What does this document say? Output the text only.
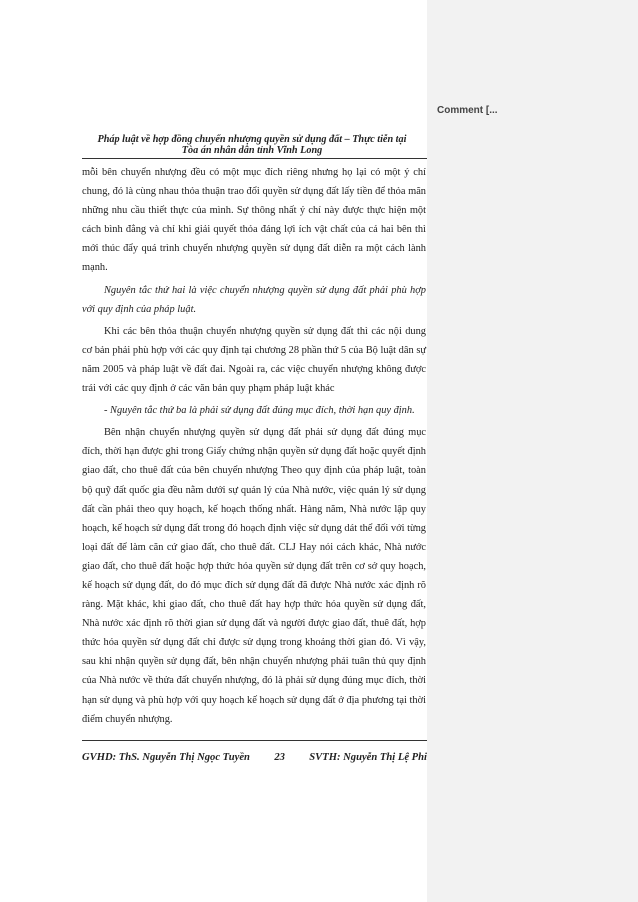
Comment [...
Pháp luật về hợp đồng chuyển nhượng quyền sử dụng đất – Thực tiễn tại
Tòa án nhân dân tỉnh Vĩnh Long

mỗi bên chuyển nhượng đều có một mục đích riêng nhưng họ lại có một ý chí chung, đó là cùng nhau thỏa thuận trao đổi quyền sử dụng đất lấy tiền để thỏa mãn những nhu cầu thiết thực của mình. Sự thông nhất ý chí này được thực hiện một cách bình đẳng và chỉ khi giải quyết thỏa đáng lợi ích vật chất của cả hai bên thì mới thúc đẩy quá trình chuyển nhượng quyền sử dụng đất diễn ra một cách lành mạnh.

Nguyên tắc thứ hai là việc chuyển nhượng quyền sử dụng đất phải phù hợp với quy định của pháp luật.

Khi các bên thỏa thuận chuyển nhượng quyền sử dụng đất thì các nội dung cơ bản phải phù hợp với các quy định tại chương 28 phần thứ 5 của Bộ luật dân sự năm 2005 và pháp luật về đất đai. Ngoài ra, các việc chuyển nhượng không được trái với các quy định ở các văn bản quy phạm pháp luật khác

- Nguyên tắc thứ ba là phải sử dụng đất đúng mục đích, thời hạn quy định.

Bên nhận chuyển nhượng quyền sử dụng đất phải sử dụng đất đúng mục đích, thời hạn được ghi trong Giấy chứng nhận quyền sử dụng đất hoặc quyết định giao đất, cho thuê đất của bên chuyển nhượng Theo quy định của pháp luật, toàn bộ quỹ đất quốc gia đều nằm dưới sự quản lý của Nhà nước, việc quản lý sử dụng đất cần phải theo quy hoạch, kế hoạch thống nhất. Hàng năm, Nhà nước lập quy hoạch, kế hoạch sử dụng đất trong đó hoạch định việc sử dụng dát thể đối với từng loại đất để làm căn cứ giao đất, cho thuê đất. CLJ Hay nói cách khác, Nhà nước giao đất, cho thuê đất hoặc hợp thức hóa quyền sử dụng đất trên cơ sở quy hoạch, kế hoạch sử dụng đất, do đó mục đích sử dụng đất đã được Nhà nước xác định rõ ràng. Mặt khác, khi giao đất, cho thuê đất hay hợp thức hóa quyền sử dụng đất, Nhà nước xác định rõ thời gian sử dụng đất và người được giao đất, thuê đất, hợp thức hóa quyền sử dụng đất chỉ được sử dụng trong khoảng thời gian đó. Vì vậy, sau khi nhận quyền sử dụng đất, bên nhận chuyển nhượng phải tuân thủ quy định của Nhà nước về thửa đất chuyển nhượng, đó là phải sử dụng đúng mục đích, thời hạn sử dụng và phù hợp với quy hoạch kế hoạch sử dụng đất ở địa phương tại thời điểm chuyển nhượng.

GVHD: ThS. Nguyễn Thị Ngọc Tuyền 23 SVTH: Nguyễn Thị Lệ Phi
